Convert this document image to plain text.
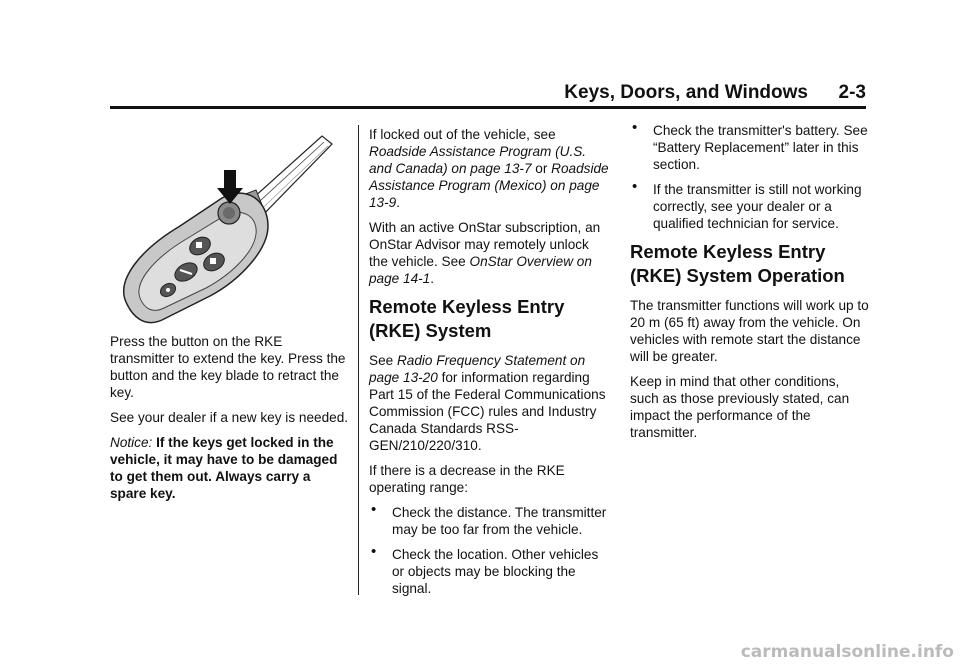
Keys, Doors, and Windows 2-3

Press the button on the RKE transmitter to extend the key. Press the button and the key blade to retract the key.

See your dealer if a new key is needed.

Notice: If the keys get locked in the vehicle, it may have to be damaged to get them out. Always carry a spare key.

If locked out of the vehicle, see Roadside Assistance Program (U.S. and Canada) on page 13-7 or Roadside Assistance Program (Mexico) on page 13-9.

With an active OnStar subscription, an OnStar Advisor may remotely unlock the vehicle. See OnStar Overview on page 14-1.

Remote Keyless Entry (RKE) System

See Radio Frequency Statement on page 13-20 for information regarding Part 15 of the Federal Communications Commission (FCC) rules and Industry Canada Standards RSS-GEN/210/220/310.

If there is a decrease in the RKE operating range:

• Check the distance. The transmitter may be too far from the vehicle.
• Check the location. Other vehicles or objects may be blocking the signal.
• Check the transmitter's battery. See “Battery Replacement” later in this section.
• If the transmitter is still not working correctly, see your dealer or a qualified technician for service.
Remote Keyless Entry (RKE) System Operation

The transmitter functions will work up to 20 m (65 ft) away from the vehicle. On vehicles with remote start the distance will be greater.

Keep in mind that other conditions, such as those previously stated, can impact the performance of the transmitter.

carmanualsonline.info
